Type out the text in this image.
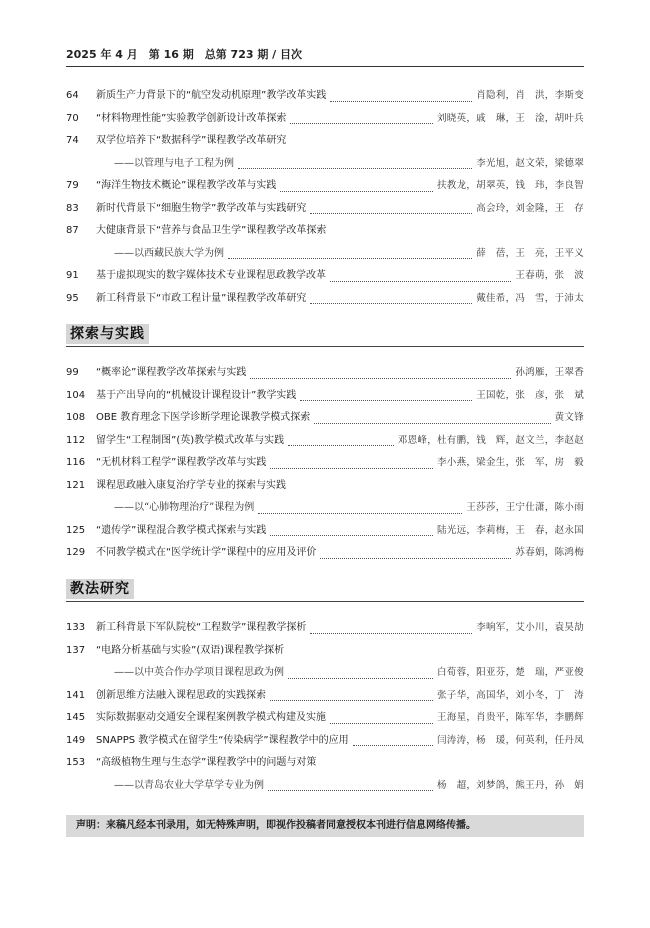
2025 年 4 月　第 16 期　总第 723 期 / 目次
64	新质生产力背景下的“航空发动机原理”教学改革实践	肖隐利，肖　洪，李斯变
70	“材料物理性能”实验教学创新设计改革探索	刘晓英，戚　琳，王　淦，胡叶兵
74	双学位培养下“数据科学”课程教学改革研究
——以管理与电子工程为例	李光旭，赵文荣，梁德翠
79	“海洋生物技术概论”课程教学改革与实践	扶教龙，胡翠英，钱　玮，李良智
83	新时代背景下“细胞生物学”教学改革与实践研究	高会玲，刘金隆，王　存
87	大健康背景下“营养与食品卫生学”课程教学改革探索
——以西藏民族大学为例	薛　蓓，王　亮，王平义
91	基于虚拟现实的数字媒体技术专业课程思政教学改革	王春萌，张　波
95	新工科背景下“市政工程计量”课程教学改革研究	戴佳希，冯　雪，于沛太
探索与实践
99	“概率论”课程教学改革探索与实践	孙鸿雁，王翠香
104	基于产出导向的“机械设计课程设计”教学实践	王国乾，张　彦，张　斌
108	OBE 教育理念下医学诊断学理论课教学模式探索	黄文锋
112	留学生“工程制图”(英)教学模式改革与实践	邓恩峰，杜有鹏，钱　辉，赵文兰，李赵赵
116	“无机材料工程学”课程教学改革与实践	李小燕，梁金生，张　军，房　毅
121	课程思政融入康复治疗学专业的探索与实践
——以“心肺物理治疗”课程为例	王莎莎，王宁仕潇，陈小雨
125	“遗传学”课程混合教学模式探索与实践	陆光远，李莉梅，王　春，赵永国
129	不同教学模式在“医学统计学”课程中的应用及评价	苏春娟，陈鸿梅
教法研究
133	新工科背景下军队院校“工程数学”课程教学探析	李响军，艾小川，袁昊劼
137	“电路分析基础与实验”(双语)课程教学探析
——以中英合作办学项目课程思政为例	白荀蓉，阳亚芬，楚　瑞，严亚俊
141	创新思维方法融入课程思政的实践探索	张子华，高国华，刘小冬，丁　涛
145	实际数据驱动交通安全课程案例教学模式构建及实施	王海星，肖贵平，陈军华，李鹏辉
149	SNAPPS 教学模式在留学生“传染病学”课程教学中的应用	闫涛涛，杨　瑗，何英利，任丹凤
153	“高级植物生理与生态学”课程教学中的问题与对策
——以青岛农业大学草学专业为例	杨　超，刘梦鸽，熊王丹，孙　娟
声明：来稿凡经本刊录用，如无特殊声明，即视作投稿者同意授权本刊进行信息网络传播。
